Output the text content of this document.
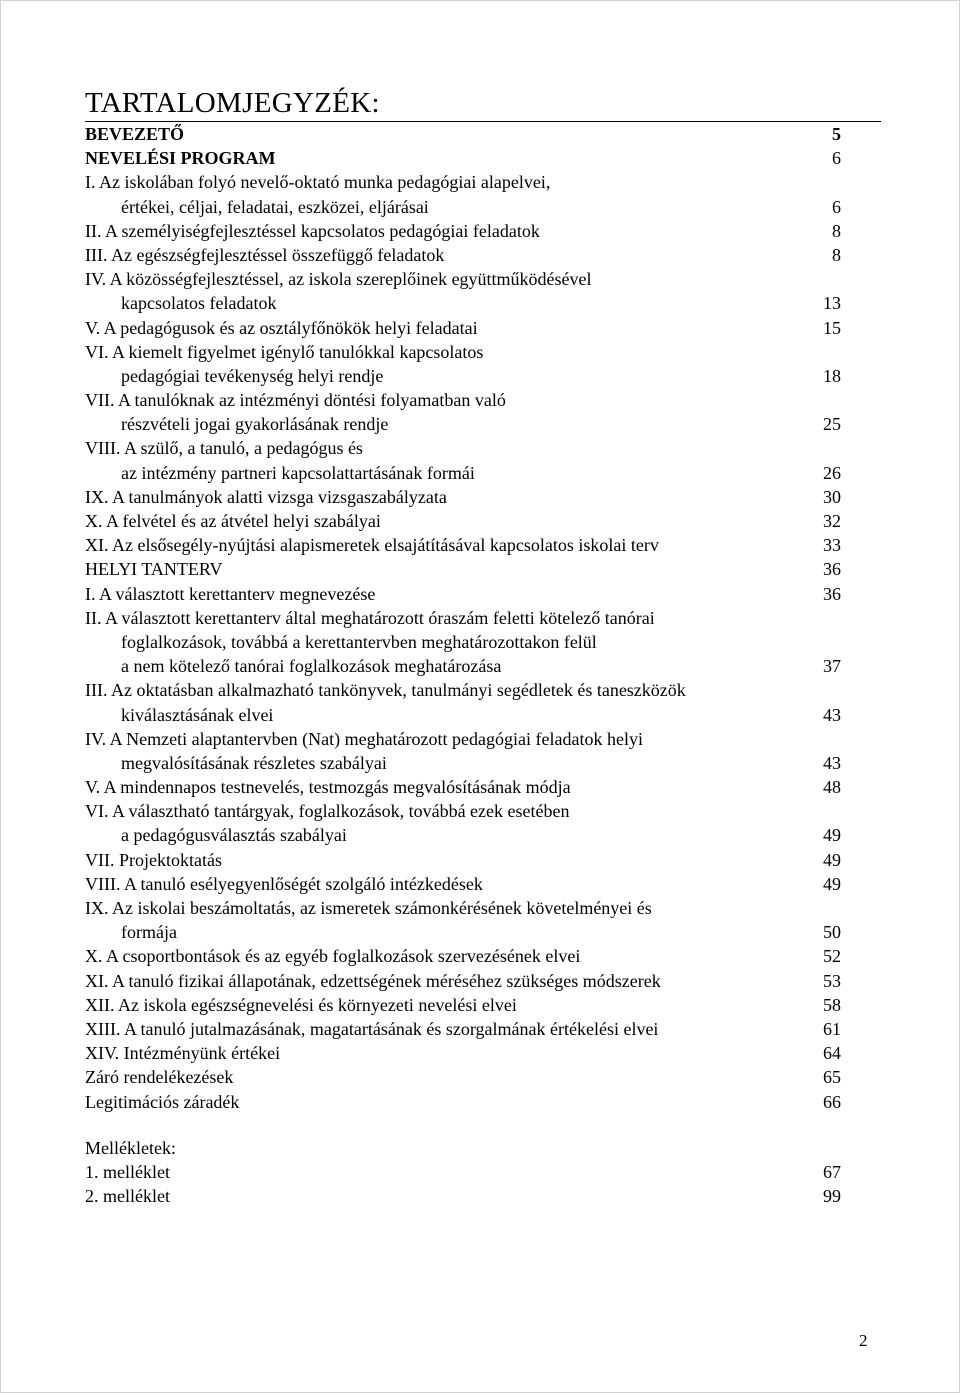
TARTALOMJEGYZÉK:
BEVEZETŐ	5
NEVELÉSI PROGRAM	6
I. Az iskolában folyó nevelő-oktató munka pedagógiai alapelvei,
értékei, céljai, feladatai, eszközei, eljárásai	6
II. A személyiségfejlesztéssel kapcsolatos pedagógiai feladatok	8
III. Az egészségfejlesztéssel összefüggő feladatok	8
IV. A közösségfejlesztéssel, az iskola szereplőinek együttműködésével
kapcsolatos feladatok	13
V. A pedagógusok és az osztályfőnökök helyi feladatai	15
VI. A kiemelt figyelmet igénylő tanulókkal kapcsolatos
pedagógiai tevékenység helyi rendje	18
VII. A tanulóknak az intézményi döntési folyamatban való
részvételi jogai gyakorlásának rendje	25
VIII. A szülő, a tanuló, a pedagógus és
az intézmény partneri kapcsolattartásának formái	26
IX. A tanulmányok alatti vizsga vizsgaszabályzata	30
X. A felvétel és az átvétel helyi szabályai	32
XI. Az elsősegély-nyújtási alapismeretek elsajátításával kapcsolatos iskolai terv	33
HELYI TANTERV	36
I. A választott kerettanterv megnevezése	36
II. A választott kerettanterv által meghatározott óraszám feletti kötelező tanórai
foglalkozások, továbbá a kerettantervben meghatározottakon felül
a nem kötelező tanórai foglalkozások meghatározása	37
III. Az oktatásban alkalmazható tankönyvek, tanulmányi segédletek és taneszközök
kiválasztásának elvei	43
IV. A Nemzeti alaptantervben (Nat) meghatározott pedagógiai feladatok helyi
megvalósításának részletes szabályai	43
V. A mindennapos testnevelés, testmozgás megvalósításának módja	48
VI. A választható tantárgyak, foglalkozások, továbbá ezek esetében
a pedagógusválasztás szabályai	49
VII. Projektoktatás	49
VIII. A tanuló esélyegyenlőségét szolgáló intézkedések	49
IX. Az iskolai beszámoltatás, az ismeretek számonkérésének követelményei és
formája	50
X. A csoportbontások és az egyéb foglalkozások szervezésének elvei	52
XI. A tanuló fizikai állapotának, edzettségének méréséhez szükséges módszerek	53
XII. Az iskola egészségnevelési és környezeti nevelési elvei	58
XIII. A tanuló jutalmazásának, magatartásának és szorgalmának értékelési elvei	61
XIV. Intézményünk értékei	64
Záró rendelékezések	65
Legitimációs záradék	66
Mellékletek:
1. melléklet	67
2. melléklet	99
2
